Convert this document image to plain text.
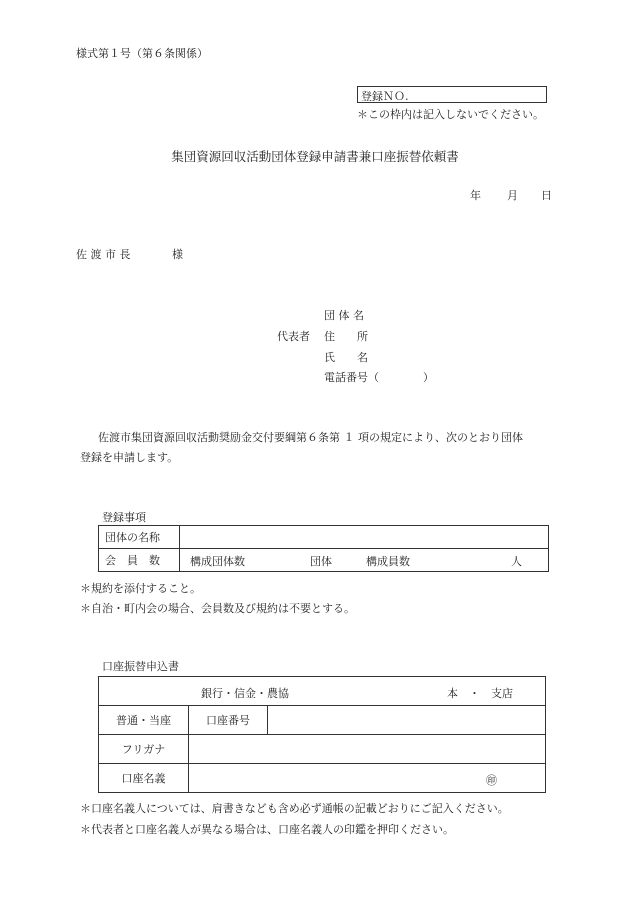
様式第１号（第６条関係）
登録ＮＯ.
＊この枠内は記入しないでください。
集団資源回収活動団体登録申請書兼口座振替依頼書
年 月 日
佐 渡 市 長	様
団 体 名
代表者 住　　所
氏　　名
電話番号（　　　　）
佐渡市集団資源回収活動奨励金交付要綱第６条第 １ 項の規定により、次のとおり団体
登録を申請します。
登録事項
団体の名称	
会　員　数	構成団体数 団体 構成員数 人
＊規約を添付すること。
＊自治・町内会の場合、会員数及び規約は不要とする。
口座振替申込書
銀行・信金・農協 本　・　支店		

普通・当座	口座番号	
フリガナ		
口座名義	㊞	
＊口座名義人については、肩書きなども含め必ず通帳の記載どおりにご記入ください。
＊代表者と口座名義人が異なる場合は、口座名義人の印鑑を押印ください。
